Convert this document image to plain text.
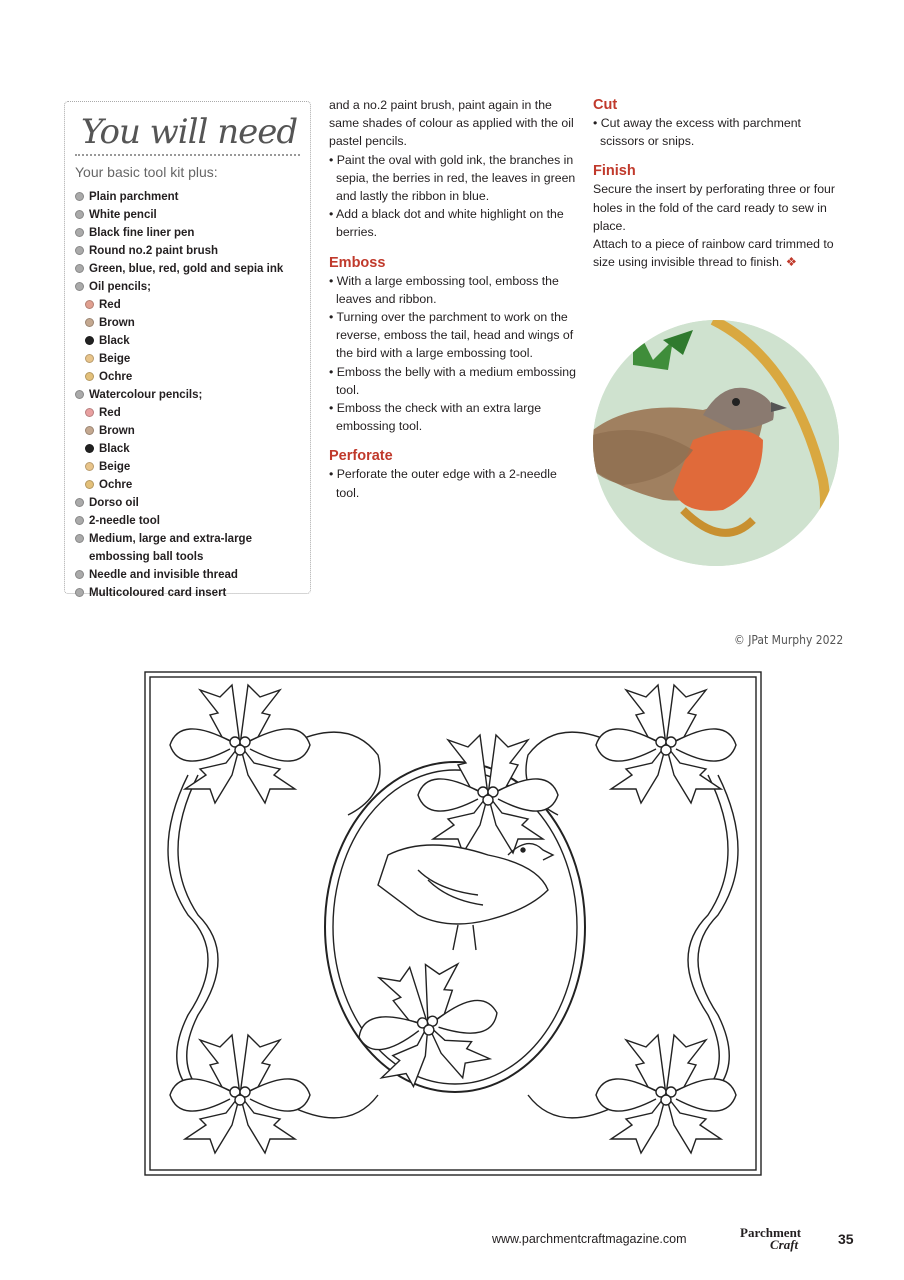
You will need
Your basic tool kit plus:
Plain parchment
White pencil
Black fine liner pen
Round no.2 paint brush
Green, blue, red, gold and sepia ink
Oil pencils;
Red
Brown
Black
Beige
Ochre
Watercolour pencils;
Red
Brown
Black
Beige
Ochre
Dorso oil
2-needle tool
Medium, large and extra-large embossing ball tools
Needle and invisible thread
Multicoloured card insert

and a no.2 paint brush, paint again in the same shades of colour as applied with the oil pastel pencils.

• Paint the oval with gold ink, the branches in sepia, the berries in red, the leaves in green and lastly the ribbon in blue.

• Add a black dot and white highlight on the berries.

Emboss

• With a large embossing tool, emboss the leaves and ribbon.

• Turning over the parchment to work on the reverse, emboss the tail, head and wings of the bird with a large embossing tool.

• Emboss the belly with a medium embossing tool.

• Emboss the check with an extra large embossing tool.

Perforate

• Perforate the outer edge with a 2-needle tool.

Cut

• Cut away the excess with parchment scissors or snips.

Finish

Secure the insert by perforating three or four holes in the fold of the card ready to sew in place.

Attach to a piece of rainbow card trimmed to size using invisible thread to finish. ❖

© JPat Murphy 2022
www.parchmentcraftmagazine.com	Parchment
Craft	35
